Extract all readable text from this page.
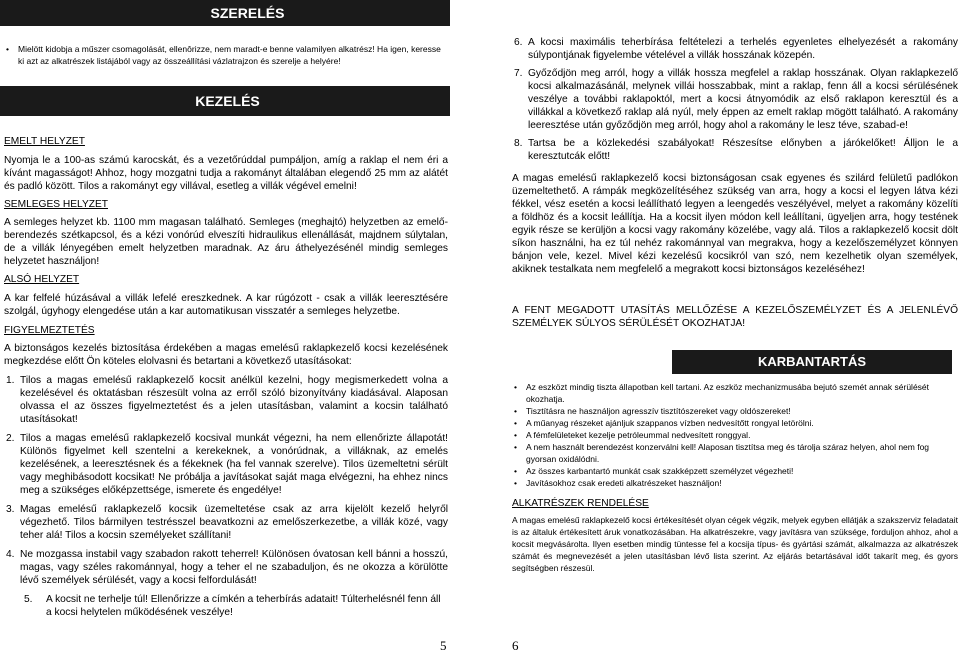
SZERELÉS
• Mielött kidobja a műszer csomagolását, ellenôrizze, nem maradt-e benne valamilyen alkatrész! Ha igen, keresse ki azt az alkatrészek listájából vagy az összeállítási vázlatrajzon és szerelje a helyére!
KEZELÉS

EMELT HELYZET

Nyomja le a 100-as számú karocskát, és a vezetőrúddal pumpáljon, amíg a raklap el nem éri a kívánt magasságot! Ahhoz, hogy mozgatni tudja a rakományt általában elegendő 25 mm az alátét és padló között. Tilos a rakományt egy villával, esetleg a villák végével emelni!

SEMLEGES HELYZET

A semleges helyzet kb. 1100 mm magasan található. Semleges (meghajtó) helyzetben az emelő-berendezés szétkapcsol, és a kézi vonórúd elveszíti hidraulikus ellenállását, majdnem súlytalan, de a villák lényegében emelt helyzetben maradnak. Az áru áthelyezésénél mindig semleges helyzetet használjon!

ALSÓ HELYZET

A kar felfelé húzásával a villák lefelé ereszkednek. A kar rúgózott - csak a villák leeresztésére szolgál, úgyhogy elengedése után a kar automatikusan visszatér a semleges helyzetbe.

FIGYELMEZTETÉS

A biztonságos kezelés biztosítása érdekében a magas emelésű raklapkezelő kocsi kezelésének megkezdése előtt Ön köteles elolvasni és betartani a következő utasításokat:

1. Tilos a magas emelésű raklapkezelő kocsit anélkül kezelni, hogy megismerkedett volna a kezelésével és oktatásban részesült volna az erről szóló bizonyítvány kiadásával. Alaposan olvassa el az összes figyelmeztetést és a jelen utasításban, valamint a kocsin található utasításokat!
2. Tilos a magas emelésű raklapkezelő kocsival munkát végezni, ha nem ellenőrizte állapotát! Különös figyelmet kell szentelni a kerekeknek, a vonórúdnak, a villáknak, az emelés kezelésének, a leeresztésnek és a fékeknek (ha fel vannak szerelve). Tilos üzemeltetni sérült vagy meghibásodott kocsikat! Ne próbálja a javításokat saját maga elvégezni, ha ehhez nincs meg a szükséges előképzettsége, ismerete és engedélye!
3. Magas emelésű raklapkezelő kocsik üzemeltetése csak az arra kijelölt kezelő helyről végezhető. Tilos bármilyen testrésszel beavatkozni az emelőszerkezetbe, a villák közé, vagy teher alá! Tilos a kocsin személyeket szállítani!
4. Ne mozgassa instabil vagy szabadon rakott teherrel! Különösen óvatosan kell bánni a hosszú, magas, vagy széles rakománnyal, hogy a teher el ne szabaduljon, és ne okozza a körülötte lévő személyek sérülését, vagy a kocsi felfordulását!
5. A kocsit ne terhelje túl! Ellenőrizze a címkén a teherbírás adatait! Túlterhelésnél fenn áll a kocsi helytelen működésének veszélye!
5
6. A kocsi maximális teherbírása feltételezi a terhelés egyenletes elhelyezését a rakomány súlypontjának figyelembe vételével a villák hosszának közepén.
7. Győződjön meg arról, hogy a villák hossza megfelel a raklap hosszának. Olyan raklapkezelő kocsi alkalmazásánál, melynek villái hosszabbak, mint a raklap, fenn áll a kocsi sérülésének veszélye a további raklapoktól, mert a kocsi átnyomódik az első raklapon keresztül és a villákkal a következő raklap alá nyúl, mely éppen az emelt raklap mögött található. A rakomány leeresztése után győződjön meg arról, hogy ahol a rakomány le lesz téve, szabad-e!
8. Tartsa be a közlekedési szabályokat! Részesítse előnyben a járókelőket! Álljon le a keresztutcák előtt!

A magas emelésű raklapkezelő kocsi biztonságosan csak egyenes és szilárd felületű padlókon üzemeltethető. A rámpák megközelítéséhez szükség van arra, hogy a kocsi el legyen látva kézi fékkel, vész esetén a kocsi leállítható legyen a leengedés veszélyével, melyet a rakomány közelíti a földhöz és a kocsit leállítja. Ha a kocsit ilyen módon kell leállítani, ügyeljen arra, hogy testének egyik része se kerüljön a kocsi vagy rakomány közelébe, vagy alá. Tilos a raklapkezelő kocsit dölt síkon használni, ha ez túl nehéz rakománnyal van megrakva, hogy a kezelőszemélyzet könnyen bánjon vele, kezel. Mivel kézi kezelésű kocsikról van szó, nem kezelhetik olyan személyek, akiknek testalkata nem megfelelő a megrakott kocsi biztonságos kezeléséhez!

A FENT MEGADOTT UTASÍTÁS MELLŐZÉSE A KEZELŐSZEMÉLYZET ÉS A JELENLÉVŐ SZEMÉLYEK SÚLYOS SÉRÜLÉSÉT OKOZHATJA!

KARBANTARTÁS
• Az eszközt mindig tiszta állapotban kell tartani. Az eszköz mechanizmusába bejutó szemét annak sérülését okozhatja.
• Tisztításra ne használjon agresszív tisztítószereket vagy oldószereket!
• A műanyag részeket ajánljuk szappanos vízben nedvesítőtt rongyal letörölni.
• A fémfelületeket kezelje petróleummal nedvesített ronggyal.
• A nem használt berendezést konzerválni kell! Alaposan tisztítsa meg és tárolja száraz helyen, ahol nem fog gyorsan oxidálódni.
• Az összes karbantartó munkát csak szakképzett személyzet végezheti!
• Javításokhoz csak eredeti alkatrészeket használjon!

ALKATRÉSZEK RENDELÉSE

A magas emelésű raklapkezelő kocsi értékesítését olyan cégek végzik, melyek egyben ellátják a szakszerviz feladatait is az általuk értékesített áruk vonatkozásában. Ha alkatrészekre, vagy javításra van szüksége, forduljon ahhoz, ahol a kocsit megvásárolta. Ilyen esetben mindig tüntesse fel a kocsija típus- és gyártási számát, alkalmazza az alkatrészek számát és megnevezését a jelen utasításban lévő lista szerint. Az eljárás betartásával időt takarít meg, és gyors segítségben részesül.

6
